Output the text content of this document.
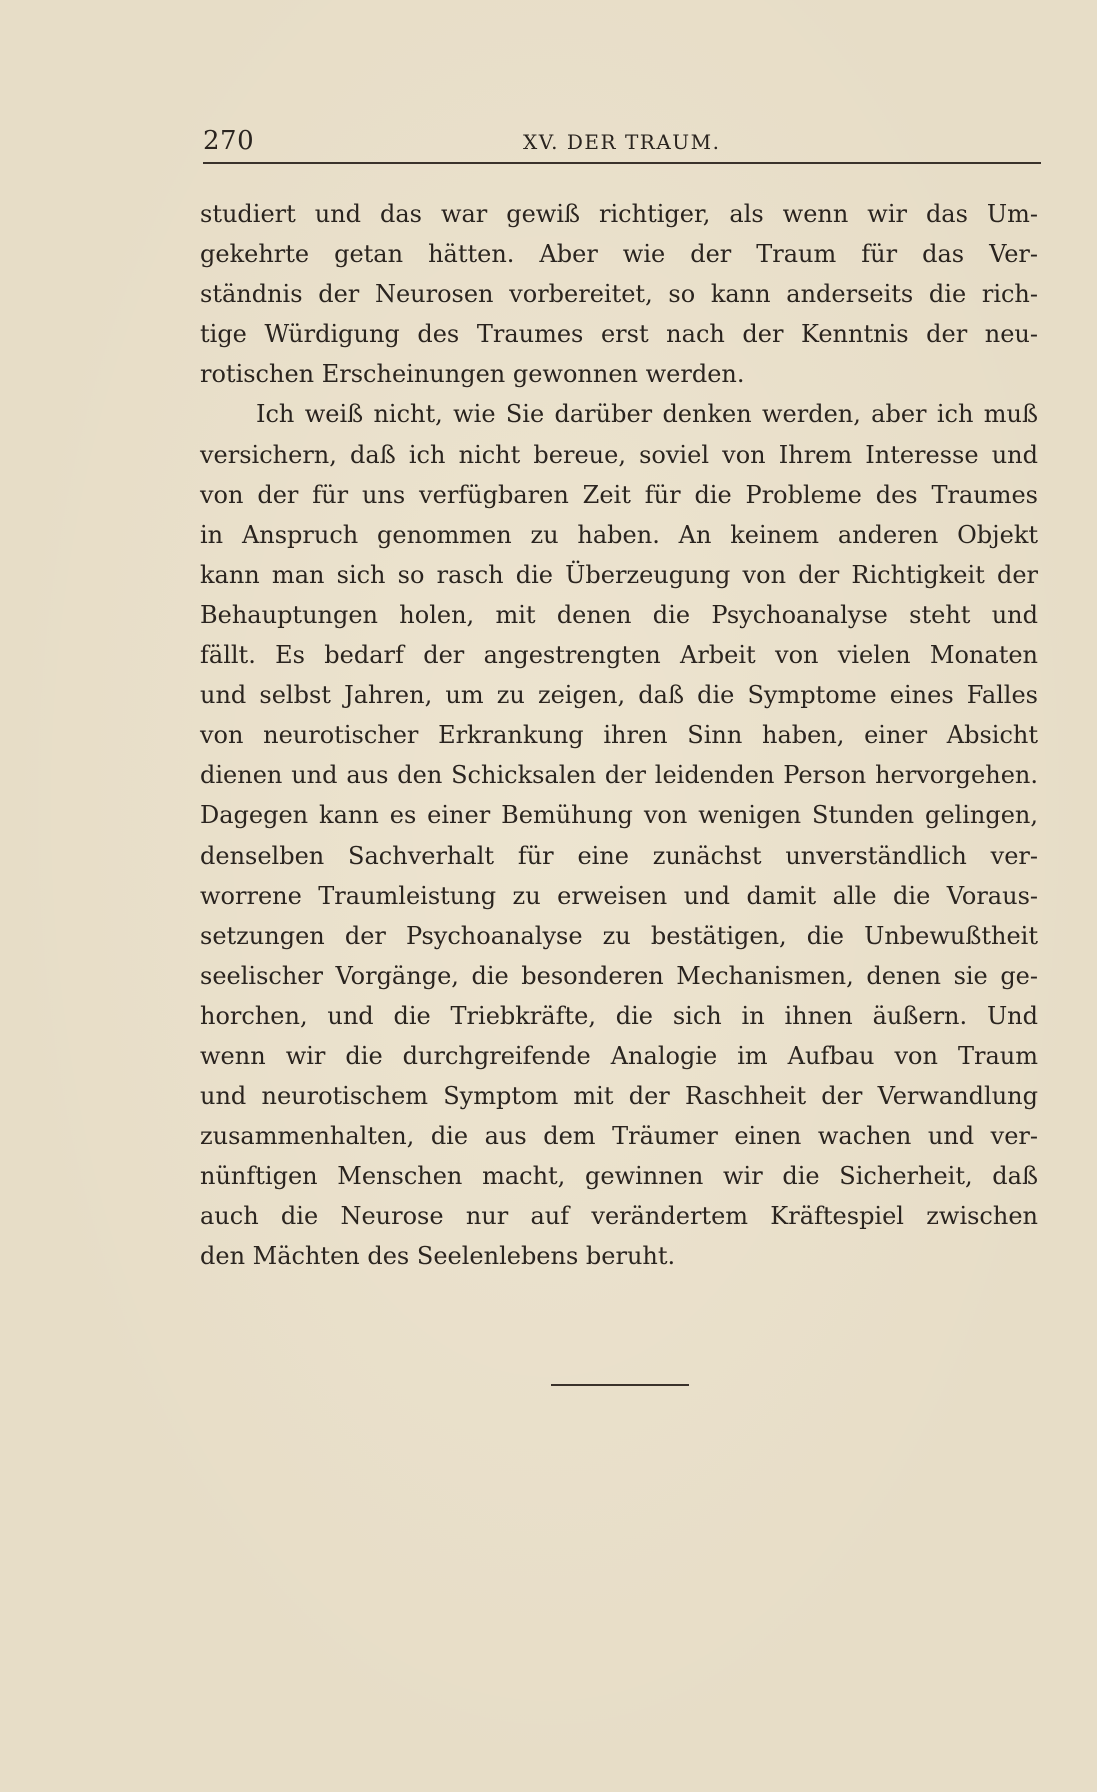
270	XV. DER TRAUM.
studiert und das war gewiß richtiger, als wenn wir das Um-
gekehrte getan hätten. Aber wie der Traum für das Ver-
ständnis der Neurosen vorbereitet, so kann anderseits die rich-
tige Würdigung des Traumes erst nach der Kenntnis der neu-
rotischen Erscheinungen gewonnen werden.
Ich weiß nicht, wie Sie darüber denken werden, aber ich muß
versichern, daß ich nicht bereue, soviel von Ihrem Interesse und
von der für uns verfügbaren Zeit für die Probleme des Traumes
in Anspruch genommen zu haben. An keinem anderen Objekt
kann man sich so rasch die Überzeugung von der Richtigkeit der
Behauptungen holen, mit denen die Psychoanalyse steht und
fällt. Es bedarf der angestrengten Arbeit von vielen Monaten
und selbst Jahren, um zu zeigen, daß die Symptome eines Falles
von neurotischer Erkrankung ihren Sinn haben, einer Absicht
dienen und aus den Schicksalen der leidenden Person hervorgehen.
Dagegen kann es einer Bemühung von wenigen Stunden gelingen,
denselben Sachverhalt für eine zunächst unverständlich ver-
worrene Traumleistung zu erweisen und damit alle die Voraus-
setzungen der Psychoanalyse zu bestätigen, die Unbewußtheit
seelischer Vorgänge, die besonderen Mechanismen, denen sie ge-
horchen, und die Triebkräfte, die sich in ihnen äußern. Und
wenn wir die durchgreifende Analogie im Aufbau von Traum
und neurotischem Symptom mit der Raschheit der Verwandlung
zusammenhalten, die aus dem Träumer einen wachen und ver-
nünftigen Menschen macht, gewinnen wir die Sicherheit, daß
auch die Neurose nur auf verändertem Kräftespiel zwischen
den Mächten des Seelenlebens beruht.
